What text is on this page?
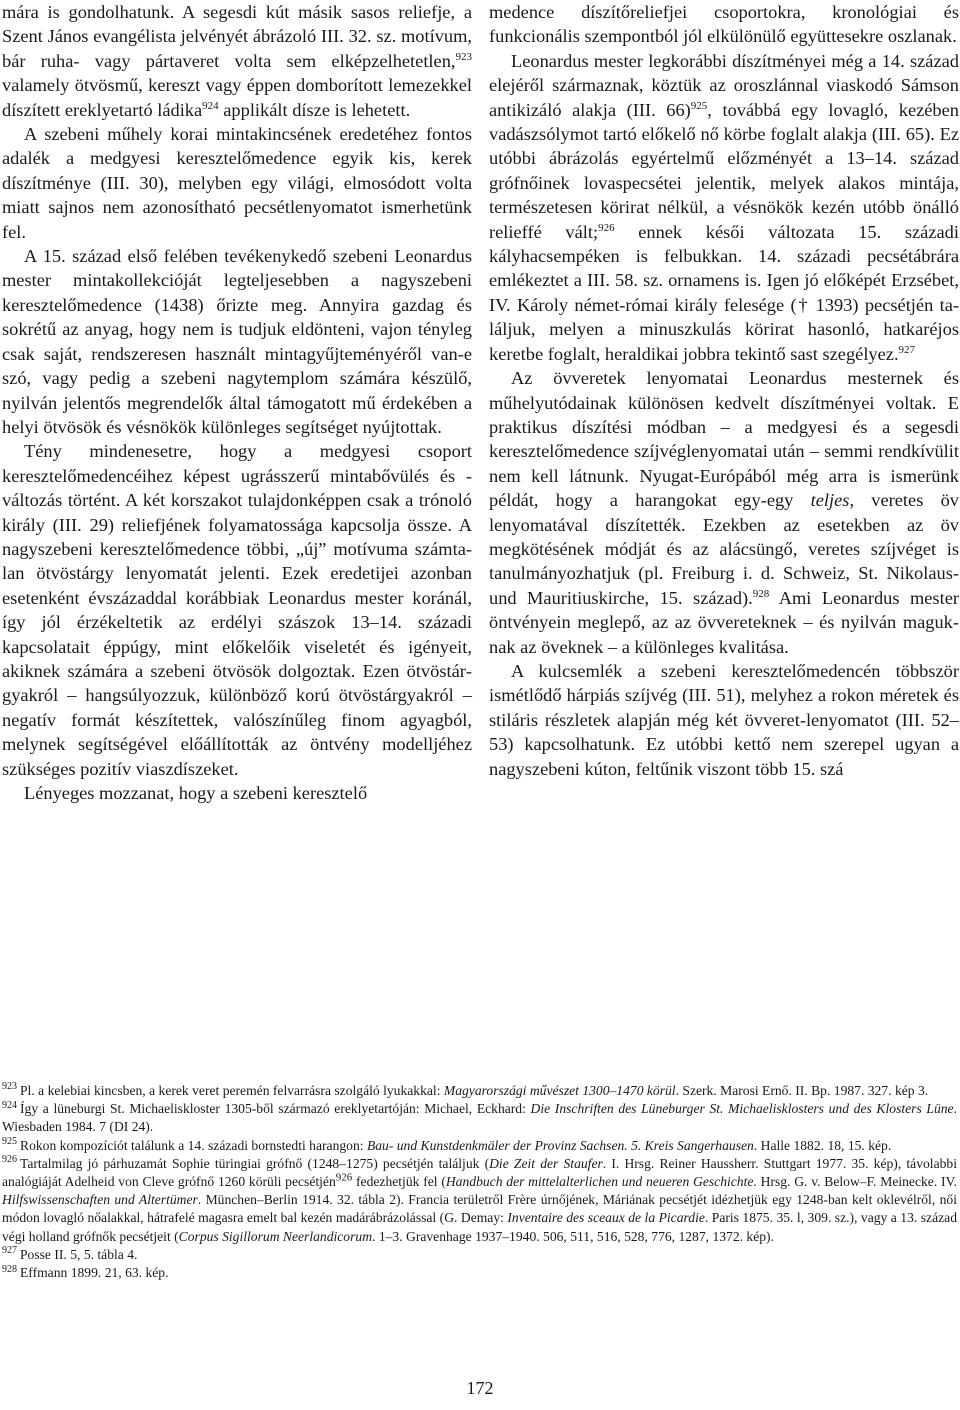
mára is gondolhatunk. A segesdi kút másik sasos reliefje, a Szent János evangélista jelvényét ábrázoló III. 32. sz. motívum, bár ruha- vagy pártaveret volta sem elképzelhetetlen,$^{923}$ valamely ötvösmű, kereszt vagy éppen domborított lemezekkel díszített ereklyetartó ládika$^{924}$ applikált dísze is lehetett.

A szebeni műhely korai mintakincsének eredetéhez fontos adalék a medgyesi keresztelőmedence egyik kis, kerek díszítménye (III. 30), melyben egy világi, elmosódott volta miatt sajnos nem azonosítható pecsétlenyomatot ismerhetünk fel.

A 15. század első felében tevékenykedő szebeni Leonardus mester mintakollekcióját legteljesebben a nagyszebeni keresztelőmedence (1438) őrizte meg. Annyira gazdag és sokrétű az anyag, hogy nem is tudjuk eldönteni, vajon tényleg csak saját, rendszeresen használt mintagyűjteményéről van-e szó, vagy pedig a szebeni nagytemplom számára készülő, nyilván jelentős megrendelők által támogatott mű érdekében a helyi ötvösök és vésnökök különleges segítséget nyújtottak.

Tény mindenesetre, hogy a medgyesi csoport keresztelőmedencéihez képest ugrásszerű mintabővülés és -változás történt. A két korszakot tulajdonképpen csak a trónoló király (III. 29) reliefjének folyamatossága kapcsolja össze. A nagyszebeni keresztelőmedence többi, „új” motívuma számtalan ötvöstárgy lenyomatát jelenti. Ezek eredetijei azonban esetenként évszázaddal korábbiak Leonardus mester koránál, így jól érzékeltetik az erdélyi szászok 13–14. századi kapcsolatait éppúgy, mint előkelőik viseletét és igényeit, akiknek számára a szebeni ötvösök dolgoztak. Ezen ötvöstárgyakról – hangsúlyozzuk, különböző korú ötvöstárgyakról – negatív formát készítettek, valószínűleg finom agyagból, melynek segítségével előállították az öntvény modelljéhez szükséges pozitív viaszdíszeket.

Lényeges mozzanat, hogy a szebeni keresztelő

medence díszítőreliefjei csoportokra, kronológiai és funkcionális szempontból jól elkülönülő együttesekre oszlanak.

Leonardus mester legkorábbi díszítményei még a 14. század elejéről származnak, köztük az oroszlánnal viaskodó Sámson antikizáló alakja (III. 66)$^{925}$, továbbá egy lovagló, kezében vadászsólymot tartó előkelő nő körbe foglalt alakja (III. 65). Ez utóbbi ábrázolás egyértelmű előzményét a 13–14. század grófnőinek lovaspecsétei jelentik, melyek alakos mintája, természetesen körirat nélkül, a vésnökök kezén utóbb önálló relieffé vált;$^{926}$ ennek késői változata 15. századi kályhacsempéken is felbukkan. 14. századi pecsétábrára emlékeztet a III. 58. sz. ornamens is. Igen jó előképét Erzsébet, IV. Károly német-római király felesége († 1393) pecsétjén találjuk, melyen a minuszkulás körirat hasonló, hatkaréjos keretbe foglalt, heraldikai jobbra tekintő sast szegélyez.$^{927}$

Az övveretek lenyomatai Leonardus mesternek és műhelyutódainak különösen kedvelt díszítményei voltak. E praktikus díszítési módban – a medgyesi és a segesdi keresztelőmedence szíjvéglenyomatai után – semmi rendkívülit nem kell látnunk. Nyugat-Európából még arra is ismerünk példát, hogy a harangokat egy-egy teljes, veretes öv lenyomatával díszítették. Ezekben az esetekben az öv megkötésének módját és az alácsüngő, veretes szíjvéget is tanulmányozhatjuk (pl. Freiburg i. d. Schweiz, St. Nikolaus- und Mauritiuskirche, 15. század).$^{928}$ Ami Leonardus mester öntvényein meglepő, az az övvereteknek – és nyilván maguknak az öveknek – a különleges kvalitása.

A kulcsemlék a szebeni keresztelőmedencén többször ismétlődő hárpiás szíjvég (III. 51), melyhez a rokon méretek és stiláris részletek alapján még két övveret-lenyomatot (III. 52–53) kapcsolhatunk. Ez utóbbi kettő nem szerepel ugyan a nagyszebeni kúton, feltűnik viszont több 15. szá

$^{923}$ Pl. a kelebiai kincsben, a kerek veret peremén felvarrásra szolgáló lyukakkal: Magyarországi művészet 1300–1470 körül. Szerk. Marosi Ernő. II. Bp. 1987. 327. kép 3.

$^{924}$ Így a lüneburgi St. Michaeliskloster 1305-ből származó ereklyetartóján: Michael, Eckhard: Die Inschriften des Lüneburger St. Michaelisklosters und des Klosters Lüne. Wiesbaden 1984. 7 (DI 24).

$^{925}$ Rokon kompozíciót találunk a 14. századi bornstedti harangon: Bau- und Kunstdenkmäler der Provinz Sachsen. 5. Kreis Sangerhausen. Halle 1882. 18, 15. kép.

$^{926}$ Tartalmilag jó párhuzamát Sophie türingiai grófnő (1248–1275) pecsétjén találjuk (Die Zeit der Staufer. I. Hrsg. Reiner Haussherr. Stuttgart 1977. 35. kép), távolabbi analógiáját Adelheid von Cleve grófnő 1260 körüli pecsétjén$^{926}$ fedezhetjük fel (Handbuch der mittelalterlichen und neueren Geschichte. Hrsg. G. v. Below–F. Meinecke. IV. Hilfswissenschaften und Altertümer. München–Berlin 1914. 32. tábla 2). Francia területről Frère úrnőjének, Máriának pecsétjét idézhetjük egy 1248-ban kelt oklevélről, női módon lovagló nőalakkal, hátrafelé magasra emelt bal kezén madárábrázolással (G. Demay: Inventaire des sceaux de la Picardie. Paris 1875. 35. l, 309. sz.), vagy a 13. század végi holland grófnők pecsétjeit (Corpus Sigillorum Neerlandicorum. 1–3. Gravenhage 1937–1940. 506, 511, 516, 528, 776, 1287, 1372. kép).

$^{927}$ Posse II. 5, 5. tábla 4.

$^{928}$ Effmann 1899. 21, 63. kép.

172
